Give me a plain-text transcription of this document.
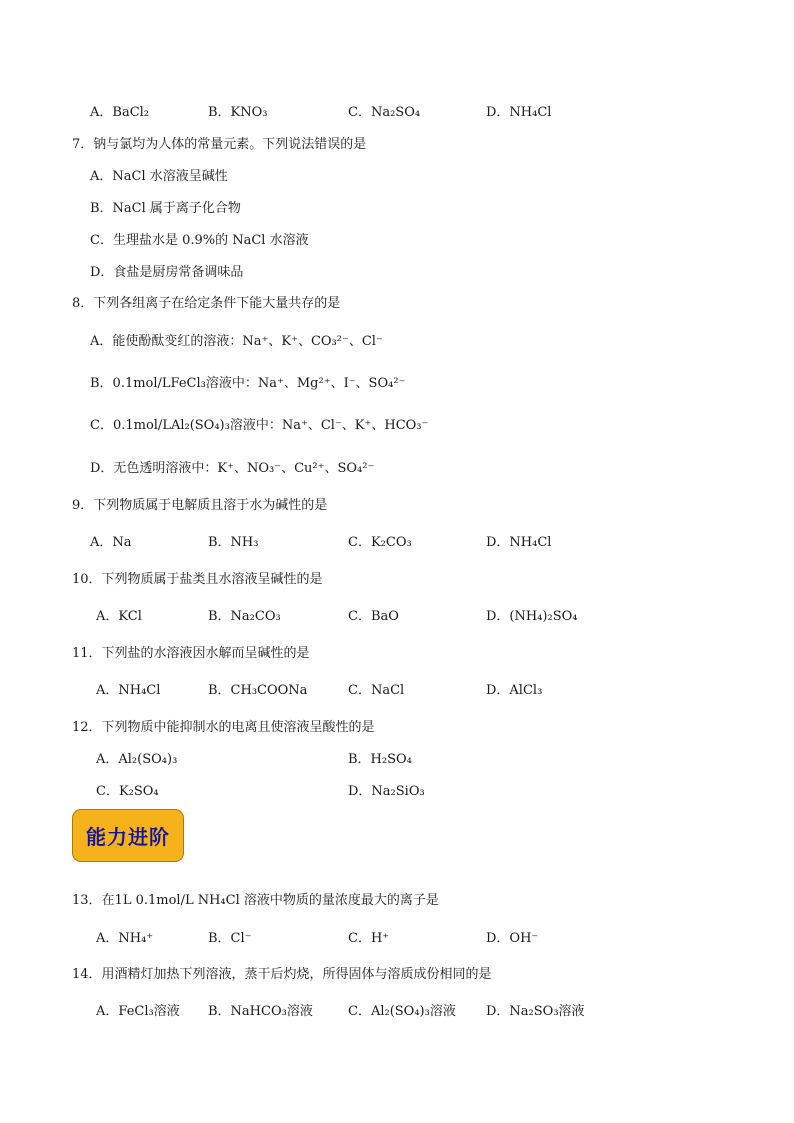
A．BaCl₂	B．KNO₃	C．Na₂SO₄	D．NH₄Cl
7．钠与氯均为人体的常量元素。下列说法错误的是
A．NaCl 水溶液呈碱性
B．NaCl 属于离子化合物
C．生理盐水是 0.9%的 NaCl 水溶液
D．食盐是厨房常备调味品
8．下列各组离子在给定条件下能大量共存的是
A．能使酚酞变红的溶液：Na⁺、K⁺、CO₃²⁻、Cl⁻
B．0.1mol/LFeCl₃溶液中：Na⁺、Mg²⁺、I⁻、SO₄²⁻
C．0.1mol/LAl₂(SO₄)₃溶液中：Na⁺、Cl⁻、K⁺、HCO₃⁻
D．无色透明溶液中：K⁺、NO₃⁻、Cu²⁺、SO₄²⁻
9．下列物质属于电解质且溶于水为碱性的是
A．Na	B．NH₃	C．K₂CO₃	D．NH₄Cl
10．下列物质属于盐类且水溶液呈碱性的是
A．KCl	B．Na₂CO₃	C．BaO	D．(NH₄)₂SO₄
11．下列盐的水溶液因水解而呈碱性的是
A．NH₄Cl	B．CH₃COONa	C．NaCl	D．AlCl₃
12．下列物质中能抑制水的电离且使溶液呈酸性的是
A．Al₂(SO₄)₃	B．H₂SO₄
C．K₂SO₄	D．Na₂SiO₃
能力进阶
13．在1L 0.1mol/L NH₄Cl 溶液中物质的量浓度最大的离子是
A．NH₄⁺	B．Cl⁻	C．H⁺	D．OH⁻
14．用酒精灯加热下列溶液，蒸干后灼烧，所得固体与溶质成份相同的是
A．FeCl₃溶液 B．NaHCO₃溶液	C．Al₂(SO₄)₃溶液 D．Na₂SO₃溶液
